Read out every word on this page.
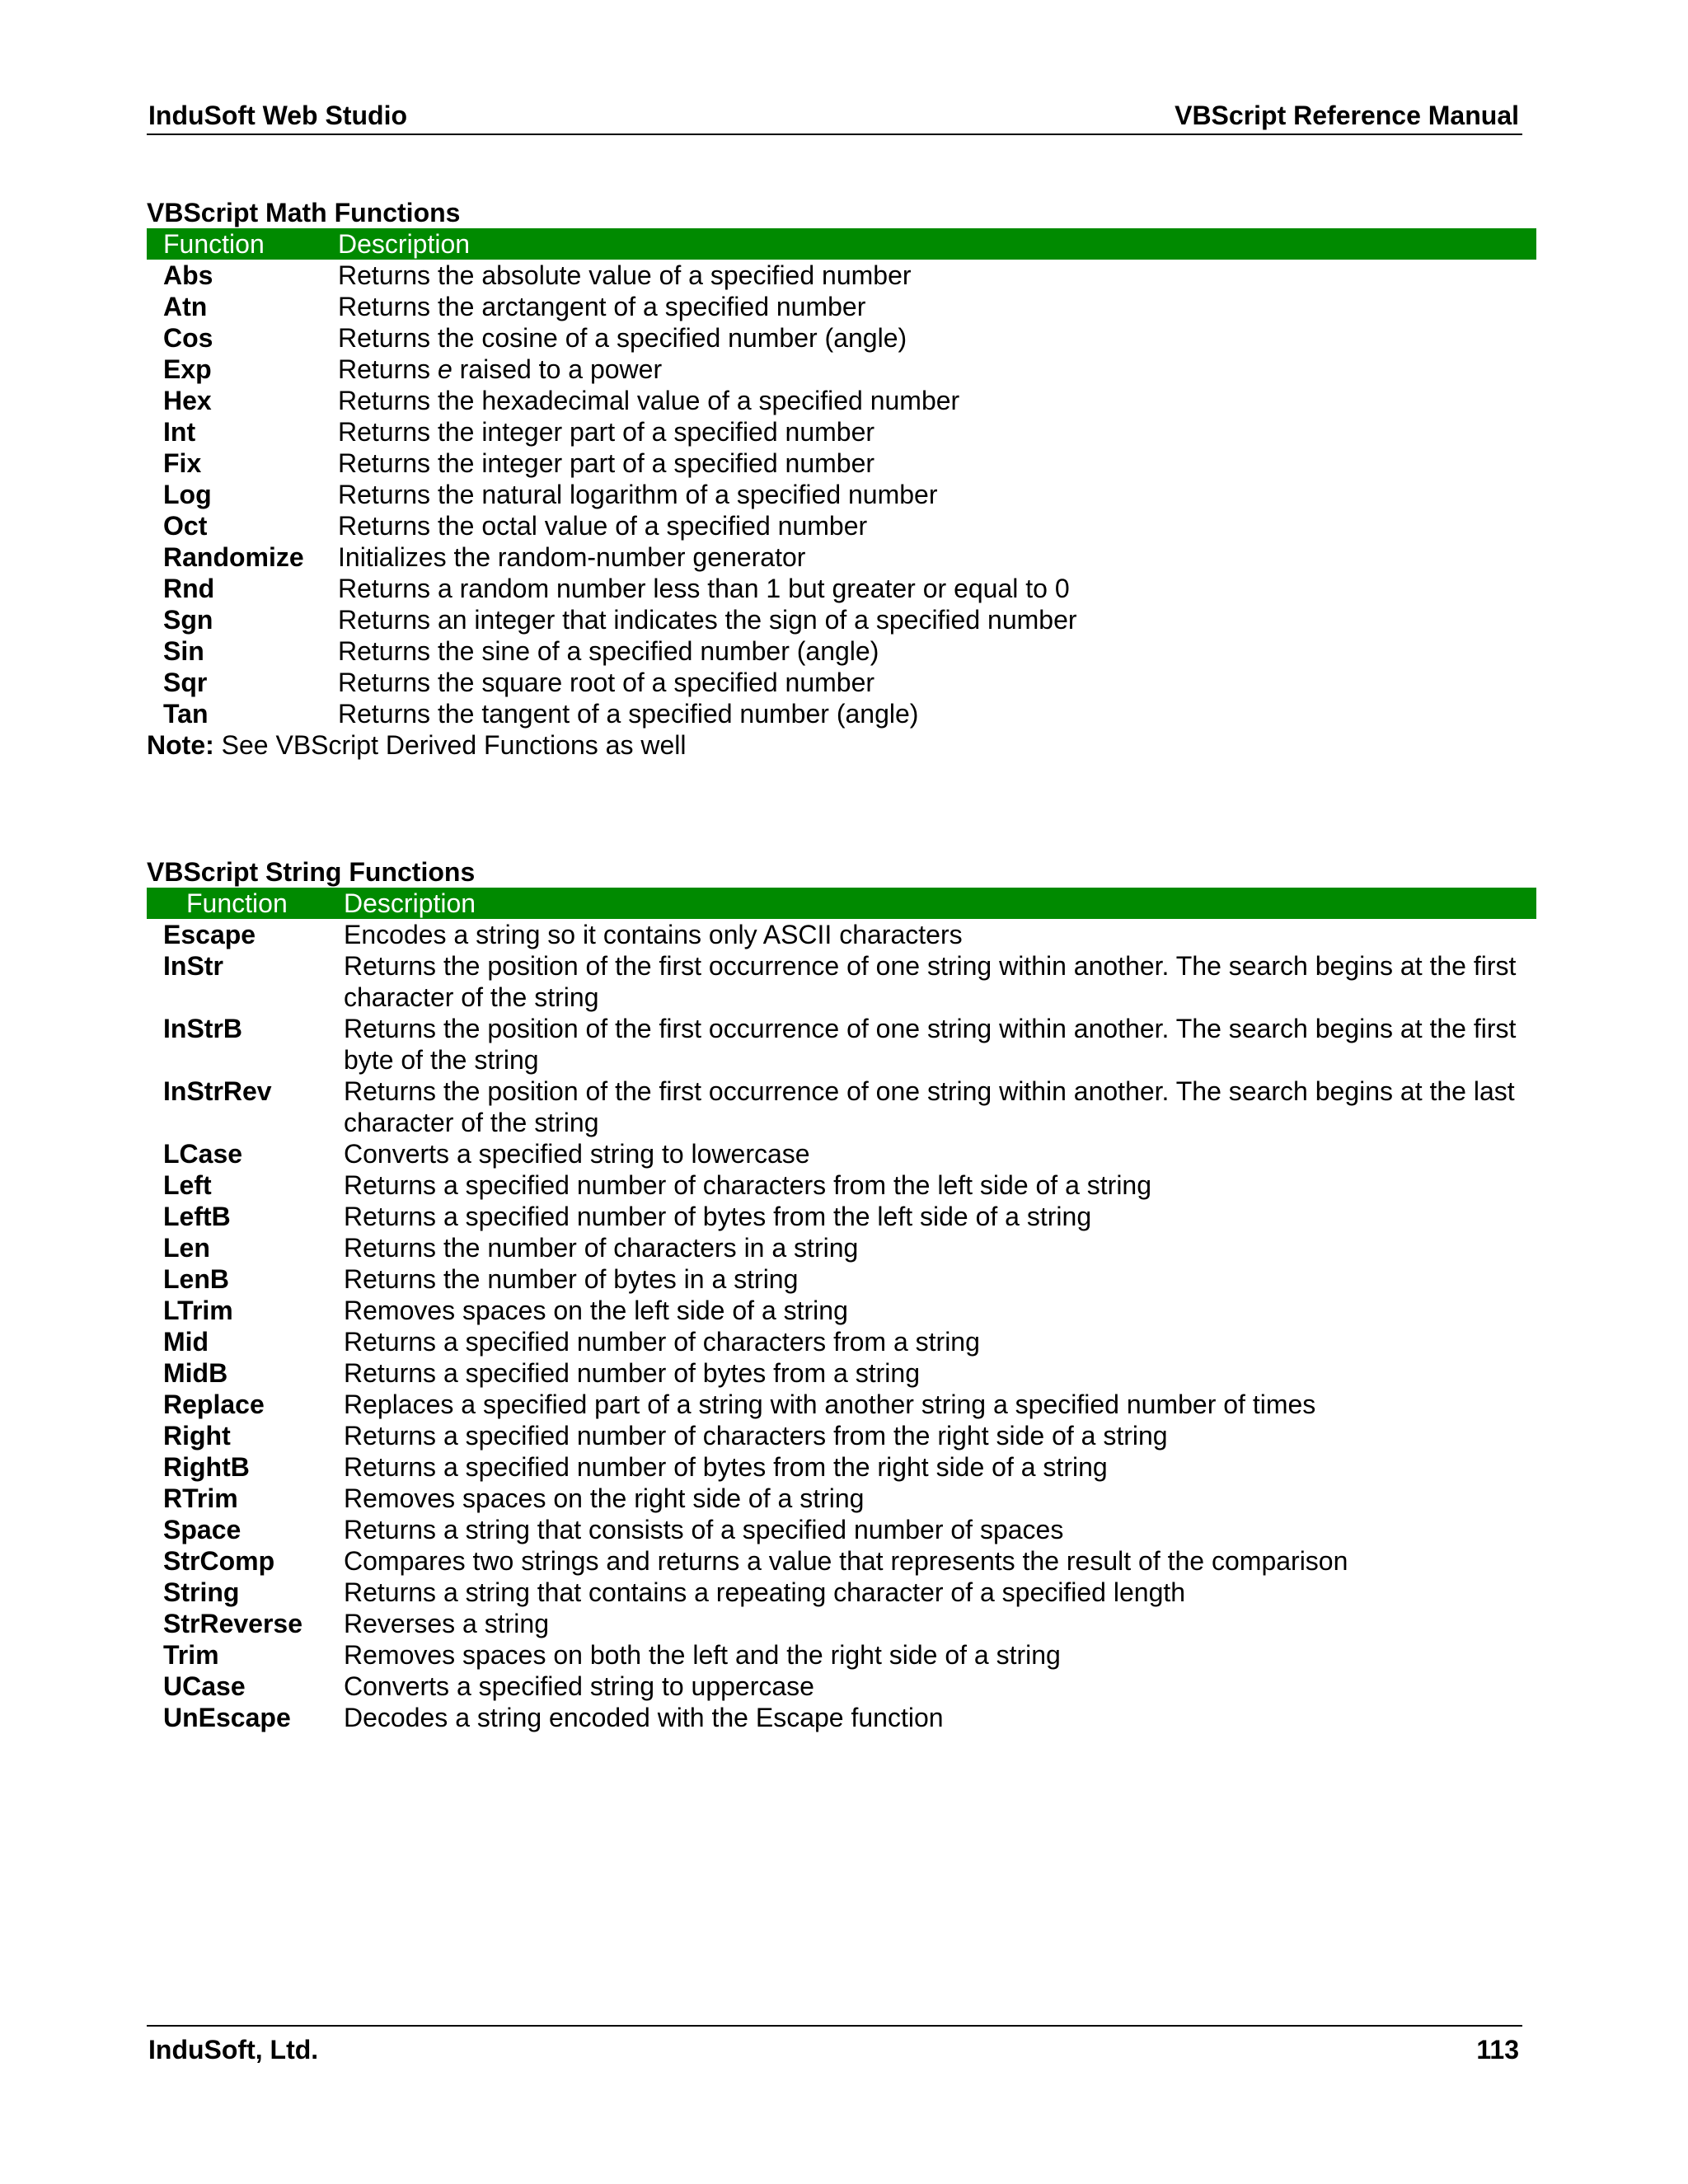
InduSoft Web Studio	VBScript Reference Manual
VBScript Math Functions
Function	Description
Abs	Returns the absolute value of a specified number
Atn	Returns the arctangent of a specified number
Cos	Returns the cosine of a specified number (angle)
Exp	Returns e raised to a power
Hex	Returns the hexadecimal value of a specified number
Int	Returns the integer part of a specified number
Fix	Returns the integer part of a specified number
Log	Returns the natural logarithm of a specified number
Oct	Returns the octal value of a specified number
Randomize	Initializes the random-number generator
Rnd	Returns a random number less than 1 but greater or equal to 0
Sgn	Returns an integer that indicates the sign of a specified number
Sin	Returns the sine of a specified number (angle)
Sqr	Returns the square root of a specified number
Tan	Returns the tangent of a specified number (angle)
Note: See VBScript Derived Functions as well
VBScript String Functions
Function	Description
Escape	Encodes a string so it contains only ASCII characters
InStr	Returns the position of the first occurrence of one string within another. The search begins at the first character of the string
InStrB	Returns the position of the first occurrence of one string within another. The search begins at the first byte of the string
InStrRev	Returns the position of the first occurrence of one string within another. The search begins at the last character of the string
LCase	Converts a specified string to lowercase
Left	Returns a specified number of characters from the left side of a string
LeftB	Returns a specified number of bytes from the left side of a string
Len	Returns the number of characters in a string
LenB	Returns the number of bytes in a string
LTrim	Removes spaces on the left side of a string
Mid	Returns a specified number of characters from a string
MidB	Returns a specified number of bytes from a string
Replace	Replaces a specified part of a string with another string a specified number of times
Right	Returns a specified number of characters from the right side of a string
RightB	Returns a specified number of bytes from the right side of a string
RTrim	Removes spaces on the right side of a string
Space	Returns a string that consists of a specified number of spaces
StrComp	Compares two strings and returns a value that represents the result of the comparison
String	Returns a string that contains a repeating character of a specified length
StrReverse	Reverses a string
Trim	Removes spaces on both the left and the right side of a string
UCase	Converts a specified string to uppercase
UnEscape	Decodes a string encoded with the Escape function
InduSoft, Ltd.	113
